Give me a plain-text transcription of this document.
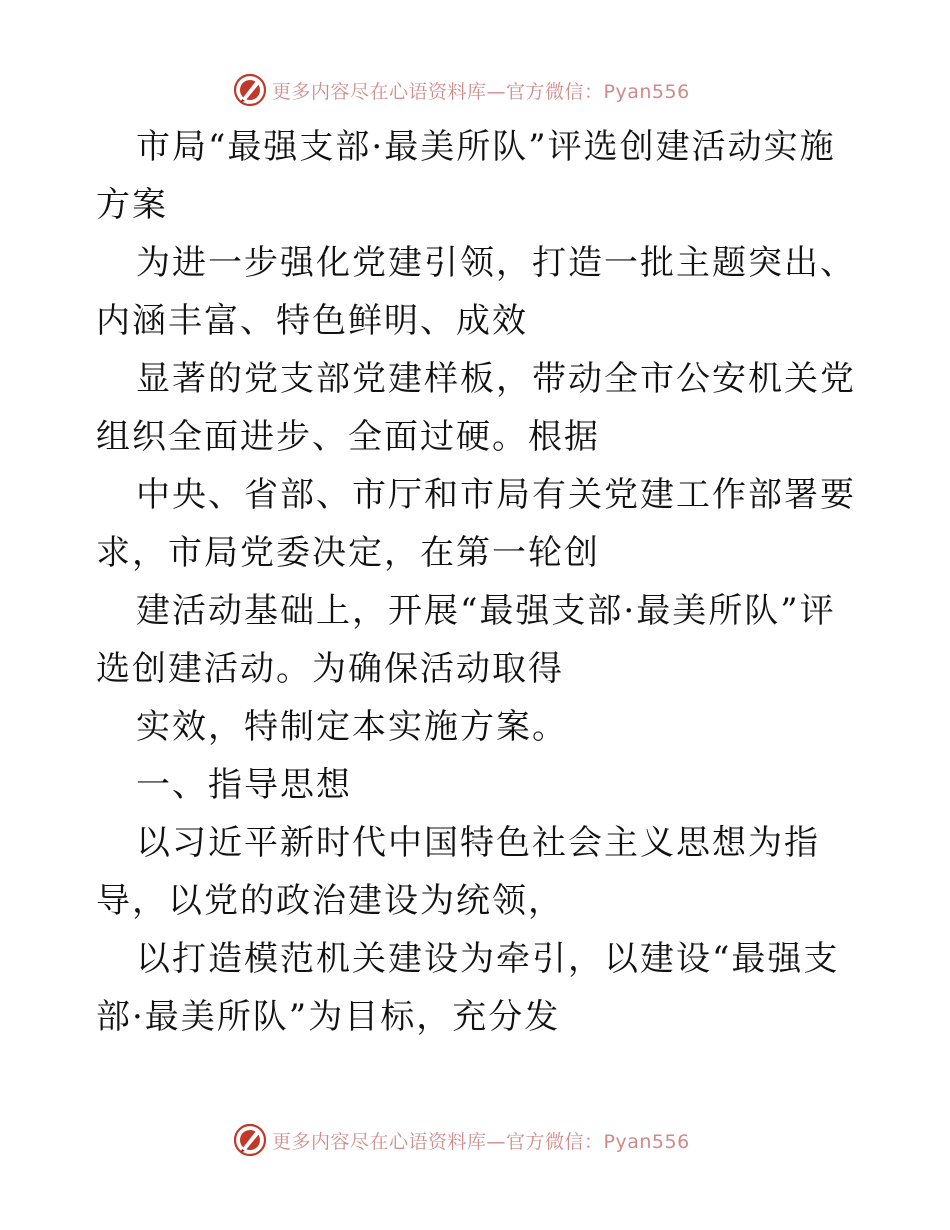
更多内容尽在心语资料库—官方微信：Pyan556

市局“最强支部·最美所队”评选创建活动实施方案

为进一步强化党建引领，打造一批主题突出、内涵丰富、特色鲜明、成效

显著的党支部党建样板，带动全市公安机关党组织全面进步、全面过硬。根据

中央、省部、市厅和市局有关党建工作部署要求，市局党委决定，在第一轮创

建活动基础上，开展“最强支部·最美所队”评选创建活动。为确保活动取得

实效，特制定本实施方案。

一、指导思想

以习近平新时代中国特色社会主义思想为指导，以党的政治建设为统领，

以打造模范机关建设为牵引，以建设“最强支部·最美所队”为目标，充分发

更多内容尽在心语资料库—官方微信：Pyan556
